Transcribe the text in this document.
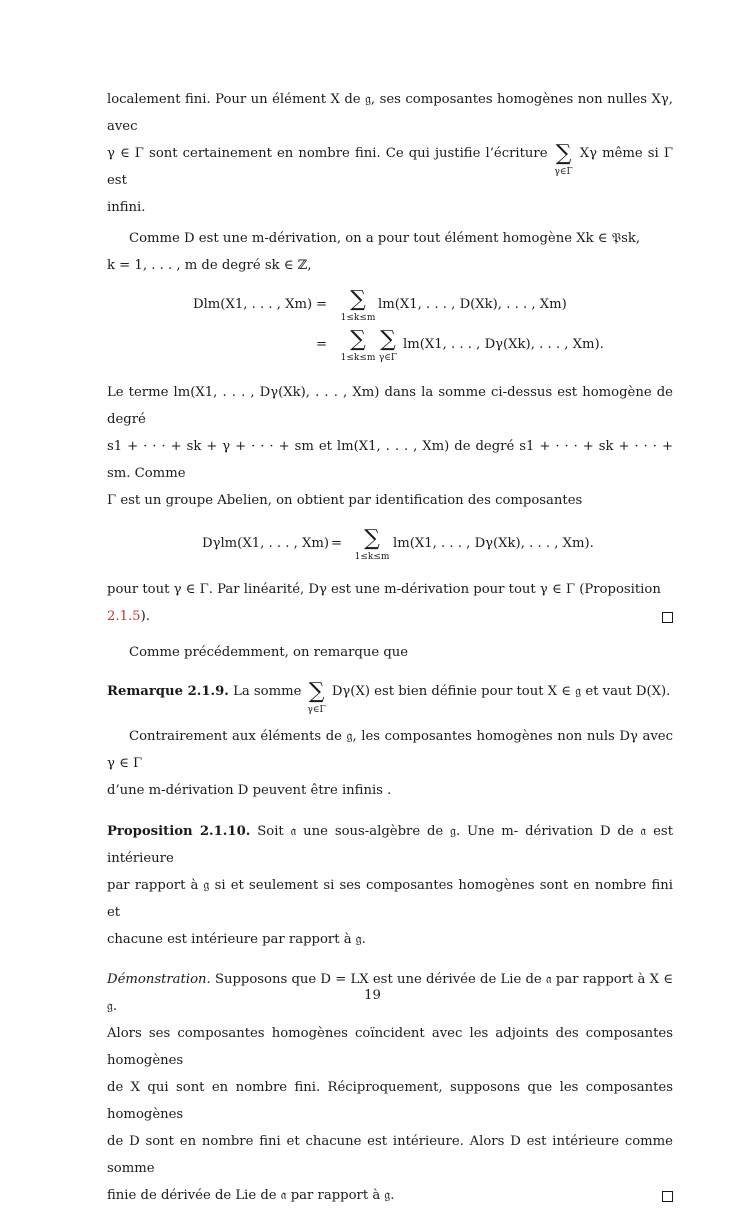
localement fini. Pour un élément X de 𝔤, ses composantes homogènes non nulles Xγ, avec
γ ∈ Γ sont certainement en nombre fini. Ce qui justifie l’écriture ∑
γ∈Γ
Xγ même si Γ est
infini.

Comme D est une m-dérivation, on a pour tout élément homogène Xk ∈ 𝔓sk,

k = 1, . . . , m de degré sk ∈ ℤ,

Dlm(X1, . . . , Xm) = ∑
1≤k≤m
lm(X1, . . . , D(Xk), . . . , Xm)
= ∑
1≤k≤m
∑
γ∈Γ
lm(X1, . . . , Dγ(Xk), . . . , Xm).

Le terme lm(X1, . . . , Dγ(Xk), . . . , Xm) dans la somme ci-dessus est homogène de degré
s1 + · · · + sk + γ + · · · + sm et lm(X1, . . . , Xm) de degré s1 + · · · + sk + · · · + sm. Comme
Γ est un groupe Abelien, on obtient par identification des composantes

Dγlm(X1, . . . , Xm) = ∑
1≤k≤m
lm(X1, . . . , Dγ(Xk), . . . , Xm).

pour tout γ ∈ Γ. Par linéarité, Dγ est une m-dérivation pour tout γ ∈ Γ (Proposition
2.1.5).

Comme précédemment, on remarque que

Remarque 2.1.9. La somme ∑
γ∈Γ
Dγ(X) est bien définie pour tout X ∈ 𝔤 et vaut D(X).

Contrairement aux éléments de 𝔤, les composantes homogènes non nuls Dγ avec γ ∈ Γ

d’une m-dérivation D peuvent être infinis .

Proposition 2.1.10. Soit 𝔞 une sous-algèbre de 𝔤. Une m- dérivation D de 𝔞 est intérieure
par rapport à 𝔤 si et seulement si ses composantes homogènes sont en nombre fini et
chacune est intérieure par rapport à 𝔤.

Démonstration. Supposons que D = LX est une dérivée de Lie de 𝔞 par rapport à X ∈ 𝔤.
Alors ses composantes homogènes coïncident avec les adjoints des composantes homogènes
de X qui sont en nombre fini. Réciproquement, supposons que les composantes homogènes
de D sont en nombre fini et chacune est intérieure. Alors D est intérieure comme somme
finie de dérivée de Lie de 𝔞 par rapport à 𝔤.

19
